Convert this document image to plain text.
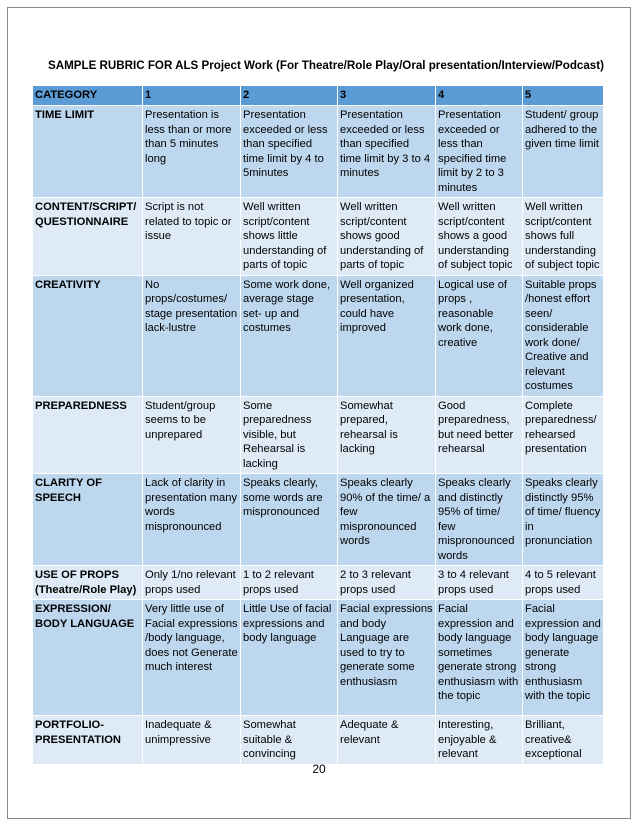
SAMPLE RUBRIC FOR ALS Project Work (For Theatre/Role Play/Oral presentation/Interview/Podcast)
CATEGORY	1	2	3	4	5
TIME LIMIT	Presentation is less than or more than 5 minutes long	Presentation exceeded or less than specified time limit by 4 to 5minutes	Presentation exceeded or less than specified time limit by 3 to 4 minutes	Presentation exceeded or less than specified time limit by 2 to 3 minutes	Student/ group adhered to the given time limit
CONTENT/SCRIPT/ QUESTIONNAIRE	Script is not related to topic or issue	Well written script/content shows little understanding of parts of topic	Well written script/content shows good understanding of parts of topic	Well written script/content shows a good understanding of subject topic	Well written script/content shows full understanding of subject topic
CREATIVITY	No props/costumes/ stage presentation lack-lustre	Some work done, average stage set- up and costumes	Well organized presentation, could have improved	Logical use of props , reasonable work done, creative	Suitable props /honest effort seen/ considerable work done/ Creative and relevant costumes
PREPAREDNESS	Student/group seems to be unprepared	Some preparedness visible, but Rehearsal is lacking	Somewhat prepared, rehearsal is lacking	Good preparedness, but need better rehearsal	Complete preparedness/ rehearsed presentation
CLARITY OF SPEECH	Lack of clarity in presentation many words mispronounced	Speaks clearly, some words are mispronounced	Speaks clearly 90% of the time/ a few mispronounced words	Speaks clearly and distinctly 95% of time/ few mispronounced words	Speaks clearly distinctly 95% of time/ fluency in pronunciation
USE OF PROPS (Theatre/Role Play)	Only 1/no relevant props used	1 to 2 relevant props used	2 to 3 relevant props used	3 to 4 relevant props used	4 to 5 relevant props used
EXPRESSION/ BODY LANGUAGE	Very little use of Facial expressions /body language, does not Generate much interest	Little Use of facial expressions and body language	Facial expressions and body Language are used to try to generate some enthusiasm	Facial expression and body language sometimes generate strong enthusiasm with the topic	Facial expression and body language generate strong enthusiasm with the topic
PORTFOLIO-PRESENTATION	Inadequate & unimpressive	Somewhat suitable & convincing	Adequate & relevant	Interesting, enjoyable & relevant	Brilliant, creative& exceptional
20
